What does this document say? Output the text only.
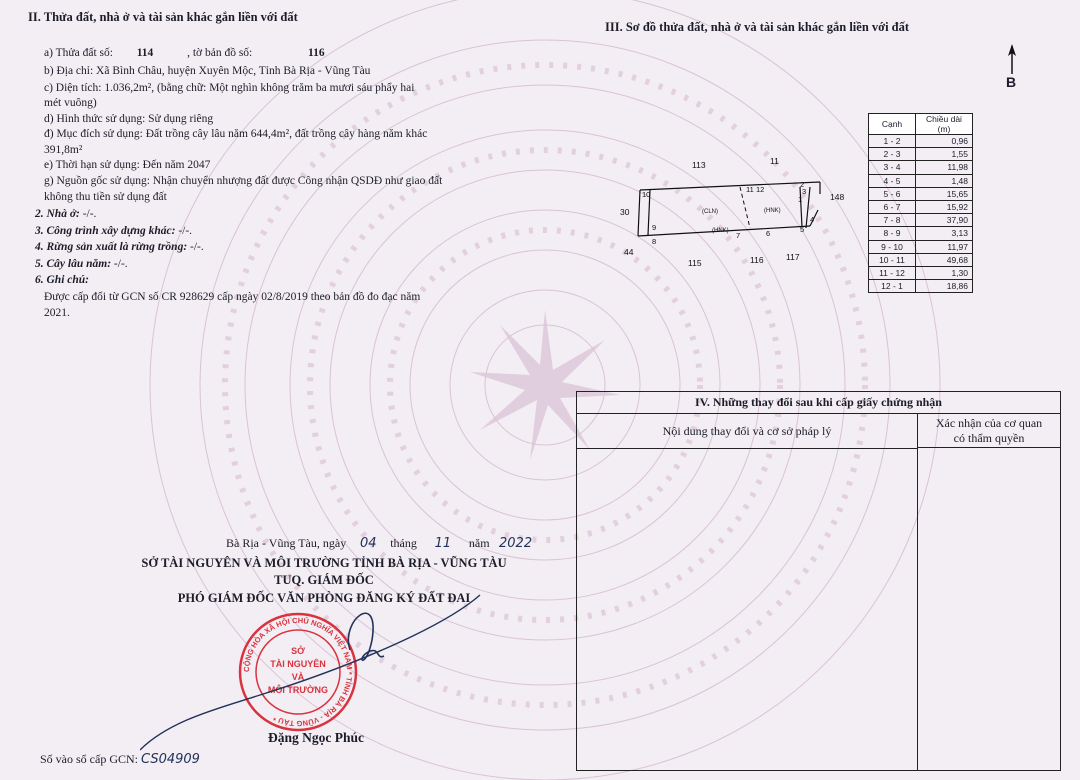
II. Thửa đất, nhà ở và tài sản khác gắn liền với đất
a) Thửa đất số: 114	, tờ bản đồ số:	116
b) Địa chỉ: Xã Bình Châu, huyện Xuyên Mộc, Tỉnh Bà Rịa - Vũng Tàu
c) Diện tích: 1.036,2m², (bằng chữ: Một nghìn không trăm ba mươi sáu phẩy hai
mét vuông)
d) Hình thức sử dụng: Sử dụng riêng
đ) Mục đích sử dụng: Đất trồng cây lâu năm 644,4m², đất trồng cây hàng năm khác
391,8m²
e) Thời hạn sử dụng: Đến năm 2047
g) Nguồn gốc sử dụng: Nhận chuyển nhượng đất được Công nhận QSDĐ như giao đất
không thu tiền sử dụng đất
2. Nhà ở: -/-.
3. Công trình xây dựng khác: -/-.
4. Rừng sản xuất là rừng trồng: -/-.
5. Cây lâu năm: -/-.
6. Ghi chú:
Được cấp đổi từ GCN số CR 928629 cấp ngày 02/8/2019 theo bản đồ đo đạc năm
2021.
III. Sơ đồ thửa đất, nhà ở và tài sản khác gắn liền với đất
B
10
11 12
2
3
1
4
5
6
7
8
9
(CLN)	(HNK)
(HNK)
113	11
148
30
44
115	116	117
Cạnh	Chiều dài (m)
1 - 2	0,96
2 - 3	1,55
3 - 4	11,98
4 - 5	1,48
5 - 6	15,65
6 - 7	15,92
7 - 8	37,90
8 - 9	3,13
9 - 10	11,97
10 - 11	49,68
11 - 12	1,30
12 - 1	18,86
IV. Những thay đổi sau khi cấp giấy chứng nhận
Nội dung thay đổi và cơ sở pháp lý
Xác nhận của cơ quan
có thẩm quyền
Bà Rịa - Vũng Tàu, ngày 04 tháng 11 năm 2022
SỞ TÀI NGUYÊN VÀ MÔI TRƯỜNG TỈNH BÀ RỊA - VŨNG TÀU
TUQ. GIÁM ĐỐC
PHÓ GIÁM ĐỐC VĂN PHÒNG ĐĂNG KÝ ĐẤT ĐAI
CỘNG HÒA XÃ HỘI CHỦ NGHĨA VIỆT NAM * TỈNH BÀ RỊA - VŨNG TÀU *
SỞ
TÀI NGUYÊN
VÀ
MÔI TRƯỜNG
Đặng Ngọc Phúc
Số vào sổ cấp GCN: CS04909
